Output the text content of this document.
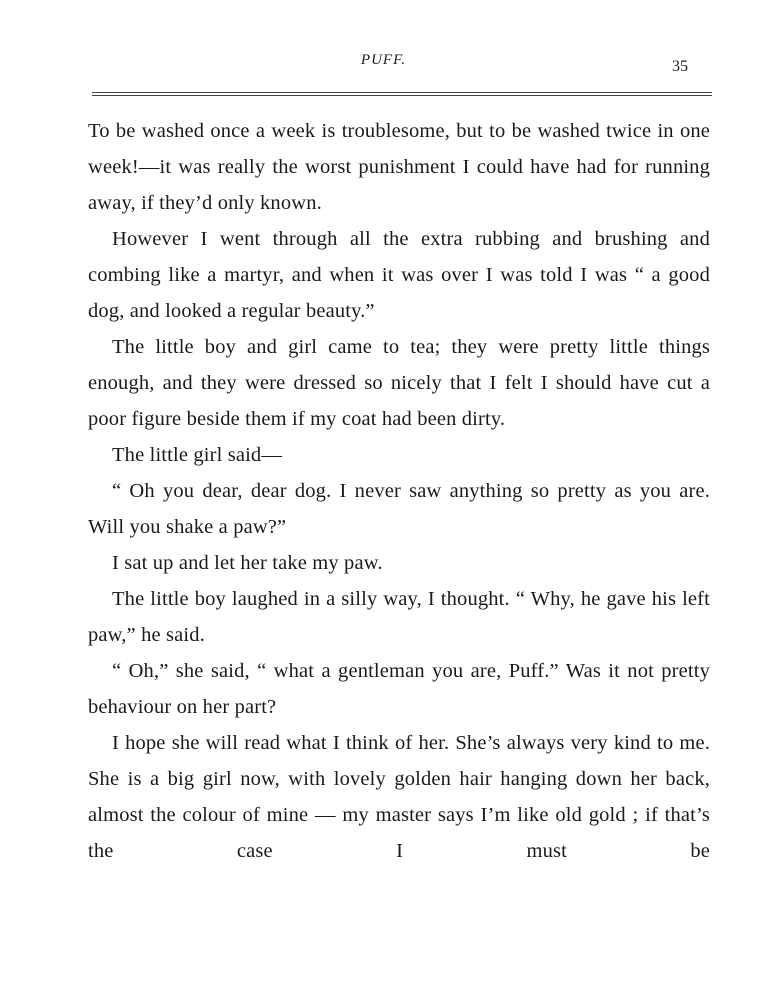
PUFF.	35

To be washed once a week is troublesome, but to be washed twice in one week!—it was really the worst punishment I could have had for running away, if they’d only known.

However I went through all the extra rubbing and brushing and combing like a martyr, and when it was over I was told I was “ a good dog, and looked a regular beauty.”

The little boy and girl came to tea; they were pretty little things enough, and they were dressed so nicely that I felt I should have cut a poor figure beside them if my coat had been dirty.

The little girl said—

“ Oh you dear, dear dog. I never saw anything so pretty as you are. Will you shake a paw?”

I sat up and let her take my paw.

The little boy laughed in a silly way, I thought. “ Why, he gave his left paw,” he said.

“ Oh,” she said, “ what a gentleman you are, Puff.” Was it not pretty behaviour on her part?

I hope she will read what I think of her. She’s always very kind to me. She is a big girl now, with lovely golden hair hanging down her back, almost the colour of mine — my master says I’m like old gold ; if that’s the case I must be
